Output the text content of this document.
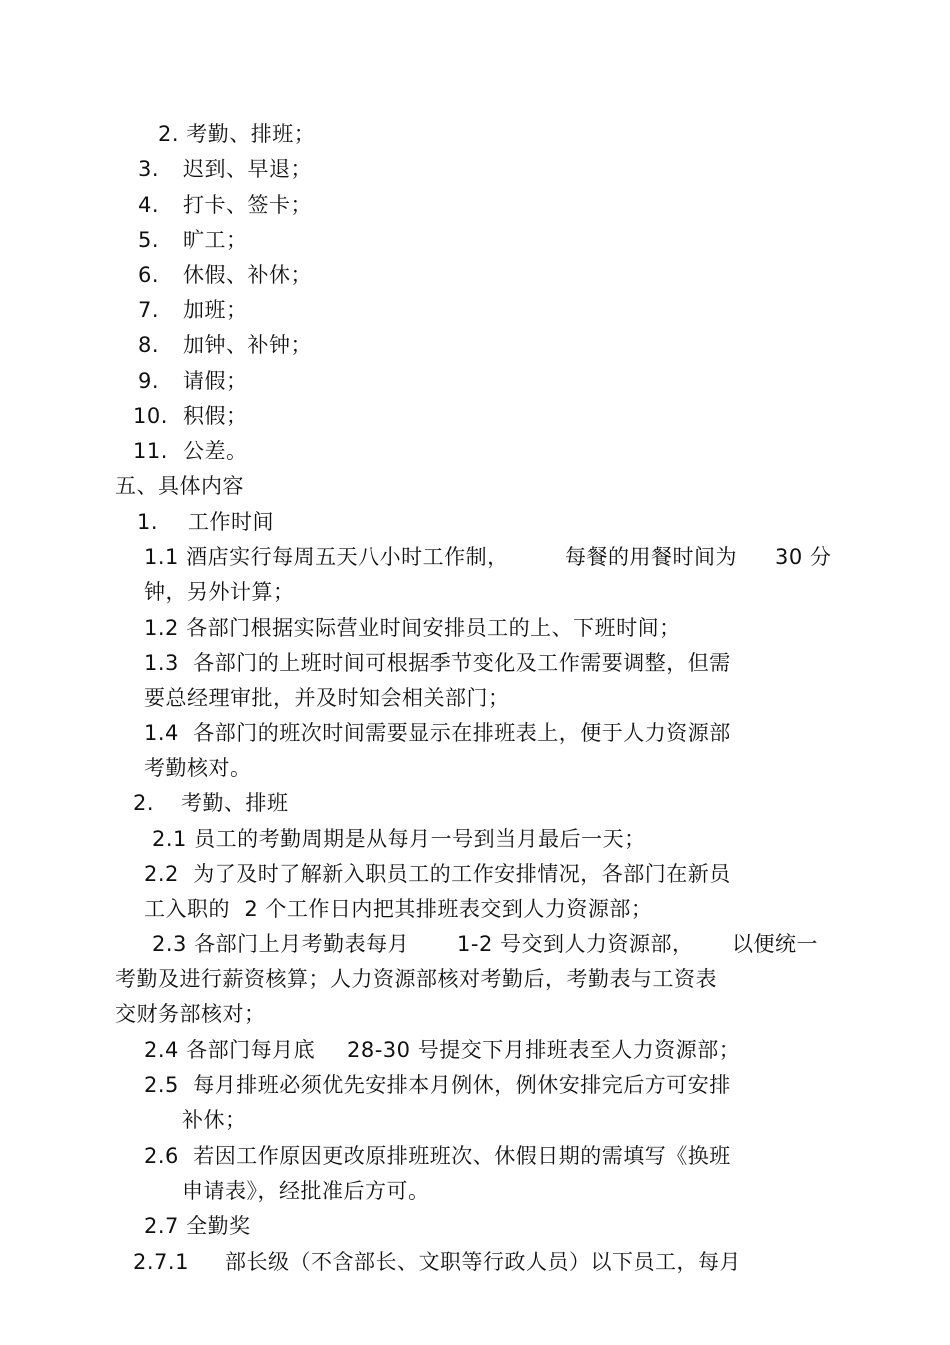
2. 考勤、排班；
3. 迟到、早退；
4. 打卡、签卡；
5. 旷工；
6. 休假、补休；
7. 加班；
8. 加钟、补钟；
9. 请假；
10. 积假；
11. 公差。
五、具体内容
1. 工作时间
1.1 酒店实行每周五天八小时工作制，	每餐的用餐时间为 30 分
钟，另外计算；
1.2 各部门根据实际营业时间安排员工的上、下班时间；
1.3  各部门的上班时间可根据季节变化及工作需要调整，但需
要总经理审批，并及时知会相关部门；
1.4  各部门的班次时间需要显示在排班表上，便于人力资源部
考勤核对。
2. 考勤、排班
2.1 员工的考勤周期是从每月一号到当月最后一天；
2.2  为了及时了解新入职员工的工作安排情况，各部门在新员
工入职的  2 个工作日内把其排班表交到人力资源部；
2.3 各部门上月考勤表每月 1-2 号交到人力资源部， 以便统一
考勤及进行薪资核算；人力资源部核对考勤后，考勤表与工资表
交财务部核对；
2.4 各部门每月底 28-30 号提交下月排班表至人力资源部；
2.5  每月排班必须优先安排本月例休，例休安排完后方可安排
补休；
2.6  若因工作原因更改原排班班次、休假日期的需填写《换班
申请表》，经批准后方可。
2.7 全勤奖
2.7.1 部长级（不含部长、文职等行政人员）以下员工，每月
